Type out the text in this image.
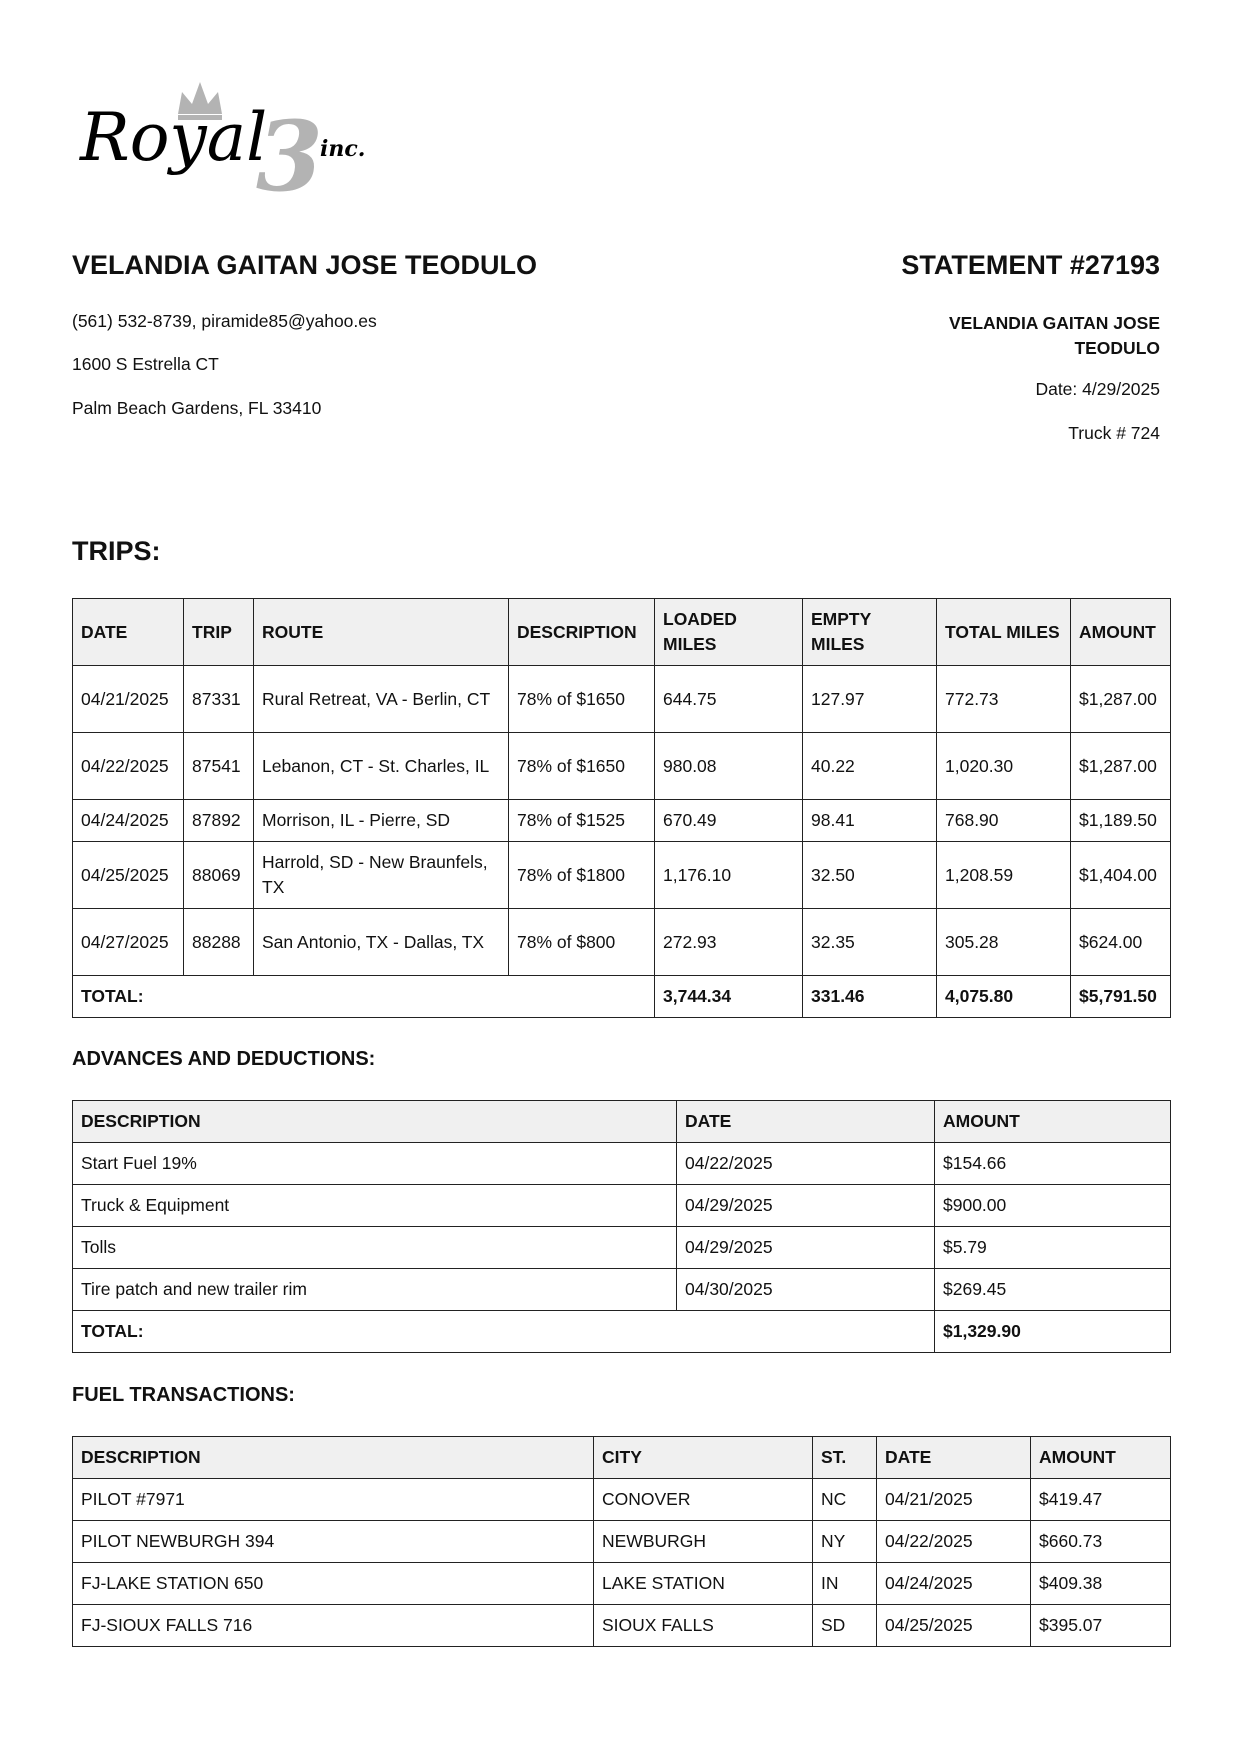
3
Royal inc.
VELANDIA GAITAN JOSE TEODULO	STATEMENT #27193

(561) 532-8739, piramide85@yahoo.es

1600 S Estrella CT

Palm Beach Gardens, FL 33410

VELANDIA GAITAN JOSE TEODULO

Date: 4/29/2025

Truck # 724

TRIPS:
DATE	TRIP	ROUTE	DESCRIPTION	LOADED MILES	EMPTY MILES	TOTAL MILES	AMOUNT
04/21/2025	87331	Rural Retreat, VA - Berlin, CT	78% of $1650	644.75	127.97	772.73	$1,287.00
04/22/2025	87541	Lebanon, CT - St. Charles, IL	78% of $1650	980.08	40.22	1,020.30	$1,287.00
04/24/2025	87892	Morrison, IL - Pierre, SD	78% of $1525	670.49	98.41	768.90	$1,189.50
04/25/2025	88069	Harrold, SD - New Braunfels, TX	78% of $1800	1,176.10	32.50	1,208.59	$1,404.00
04/27/2025	88288	San Antonio, TX - Dallas, TX	78% of $800	272.93	32.35	305.28	$624.00
TOTAL:				3,744.34	331.46	4,075.80	$5,791.50
ADVANCES AND DEDUCTIONS:
DESCRIPTION	DATE	AMOUNT
Start Fuel 19%	04/22/2025	$154.66
Truck & Equipment	04/29/2025	$900.00
Tolls	04/29/2025	$5.79
Tire patch and new trailer rim	04/30/2025	$269.45
TOTAL:		$1,329.90
FUEL TRANSACTIONS:
DESCRIPTION	CITY	ST.	DATE	AMOUNT
PILOT #7971	CONOVER	NC	04/21/2025	$419.47
PILOT NEWBURGH 394	NEWBURGH	NY	04/22/2025	$660.73
FJ-LAKE STATION 650	LAKE STATION	IN	04/24/2025	$409.38
FJ-SIOUX FALLS 716	SIOUX FALLS	SD	04/25/2025	$395.07
